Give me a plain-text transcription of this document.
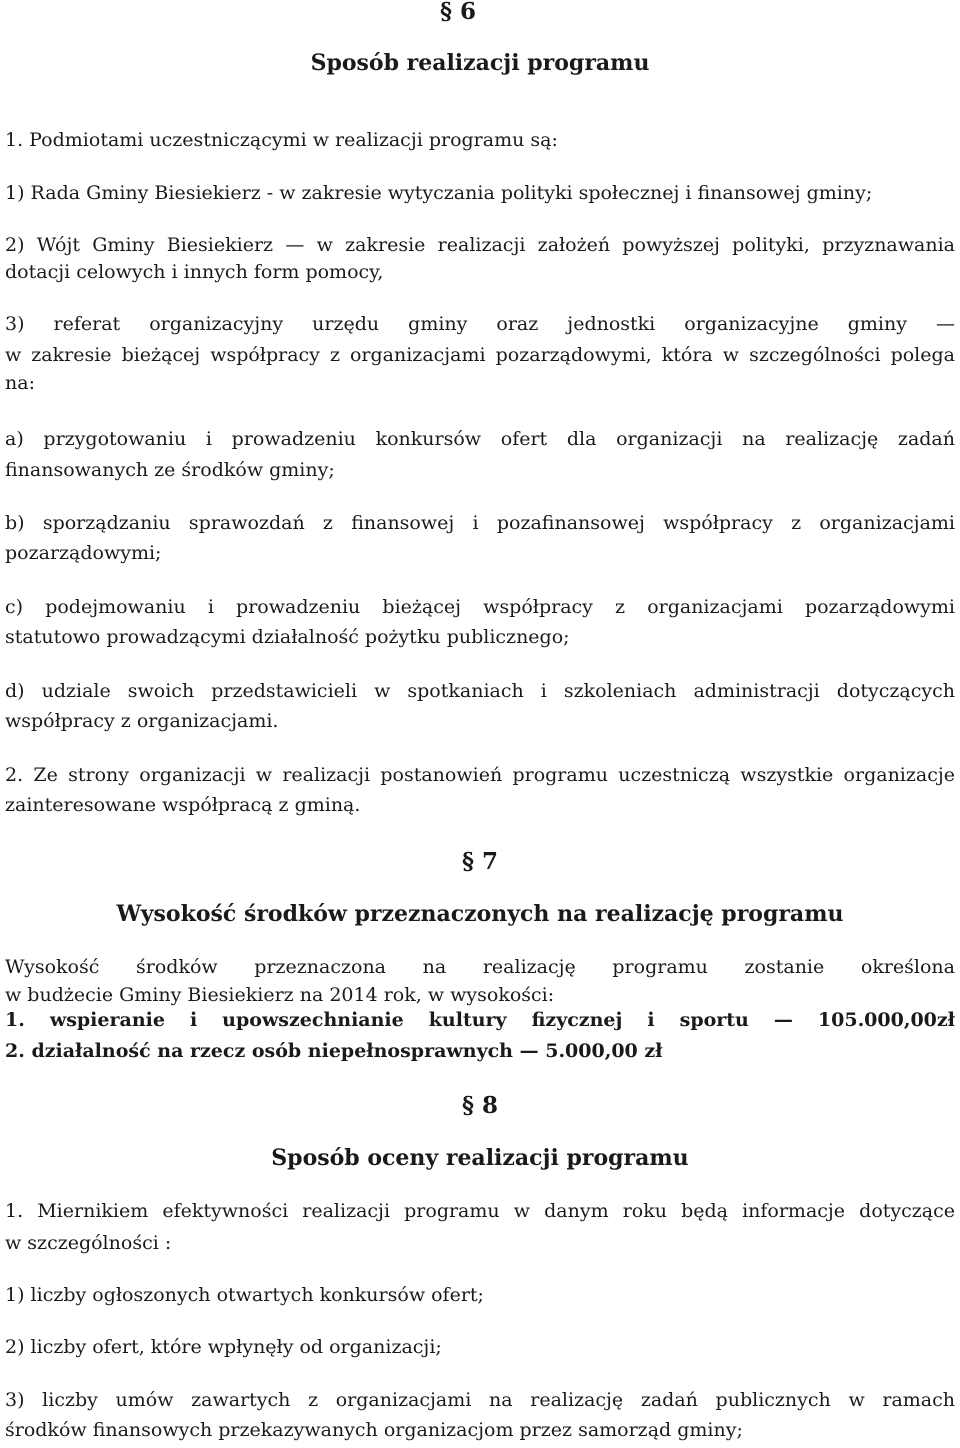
§ 6
Sposób realizacji programu
1. Podmiotami uczestniczącymi w realizacji programu są:
1) Rada Gminy Biesiekierz - w zakresie wytyczania polityki społecznej i finansowej gminy;
2) Wójt Gminy Biesiekierz — w zakresie realizacji założeń powyższej polityki, przyznawania
dotacji celowych i innych form pomocy,
3) referat organizacyjny urzędu gminy oraz jednostki organizacyjne gminy —
w zakresie bieżącej współpracy z organizacjami pozarządowymi, która w szczególności polega
na:
a) przygotowaniu i prowadzeniu konkursów ofert dla organizacji na realizację zadań
finansowanych ze środków gminy;
b) sporządzaniu sprawozdań z finansowej i pozafinansowej współpracy z organizacjami
pozarządowymi;
c) podejmowaniu i prowadzeniu bieżącej współpracy z organizacjami pozarządowymi
statutowo prowadzącymi działalność pożytku publicznego;
d) udziale swoich przedstawicieli w spotkaniach i szkoleniach administracji dotyczących
współpracy z organizacjami.
2. Ze strony organizacji w realizacji postanowień programu uczestniczą wszystkie organizacje
zainteresowane współpracą z gminą.
§ 7
Wysokość środków przeznaczonych na realizację programu
Wysokość środków przeznaczona na realizację programu zostanie określona
w budżecie Gminy Biesiekierz na 2014 rok, w wysokości:
1. wspieranie i upowszechnianie kultury fizycznej i sportu — 105.000,00zł
2. działalność na rzecz osób niepełnosprawnych — 5.000,00 zł
§ 8
Sposób oceny realizacji programu
1. Miernikiem efektywności realizacji programu w danym roku będą informacje dotyczące
w szczególności :
1) liczby ogłoszonych otwartych konkursów ofert;
2) liczby ofert, które wpłynęły od organizacji;
3) liczby umów zawartych z organizacjami na realizację zadań publicznych w ramach
środków finansowych przekazywanych organizacjom przez samorząd gminy;
